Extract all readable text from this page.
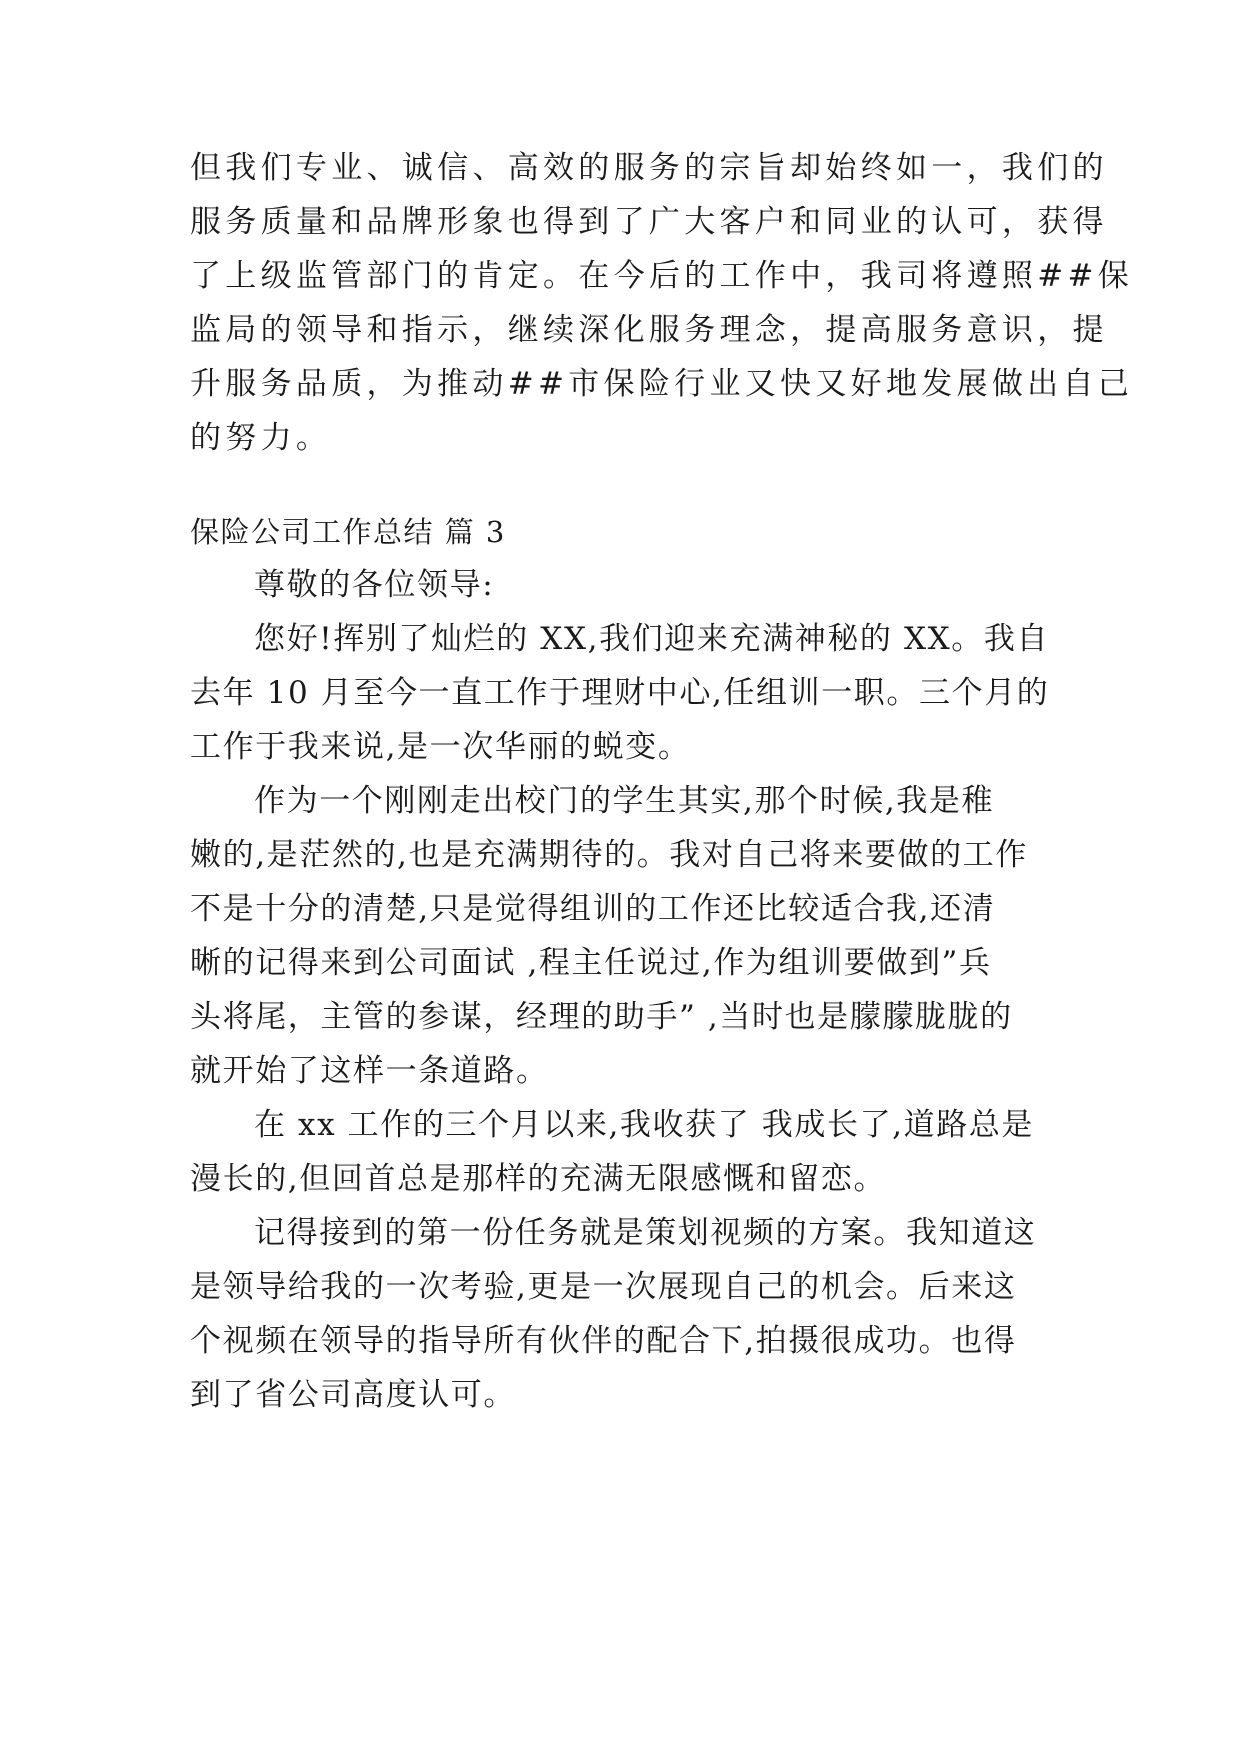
但我们专业、诚信、高效的服务的宗旨却始终如一，我们的
服务质量和品牌形象也得到了广大客户和同业的认可，获得
了上级监管部门的肯定。在今后的工作中，我司将遵照##保
监局的领导和指示，继续深化服务理念，提高服务意识，提
升服务品质，为推动##市保险行业又快又好地发展做出自己
的努力。
保险公司工作总结 篇 3
尊敬的各位领导:
您好!挥别了灿烂的 XX,我们迎来充满神秘的 XX。我自
去年 10 月至今一直工作于理财中心,任组训一职。三个月的
工作于我来说,是一次华丽的蜕变。
作为一个刚刚走出校门的学生其实,那个时候,我是稚
嫩的,是茫然的,也是充满期待的。我对自己将来要做的工作
不是十分的清楚,只是觉得组训的工作还比较适合我,还清
晰的记得来到公司面试 ,程主任说过,作为组训要做到”兵
头将尾，主管的参谋，经理的助手” ,当时也是朦朦胧胧的
就开始了这样一条道路。
在 xx 工作的三个月以来,我收获了 我成长了,道路总是
漫长的,但回首总是那样的充满无限感慨和留恋。
记得接到的第一份任务就是策划视频的方案。我知道这
是领导给我的一次考验,更是一次展现自己的机会。后来这
个视频在领导的指导所有伙伴的配合下,拍摄很成功。也得
到了省公司高度认可。
